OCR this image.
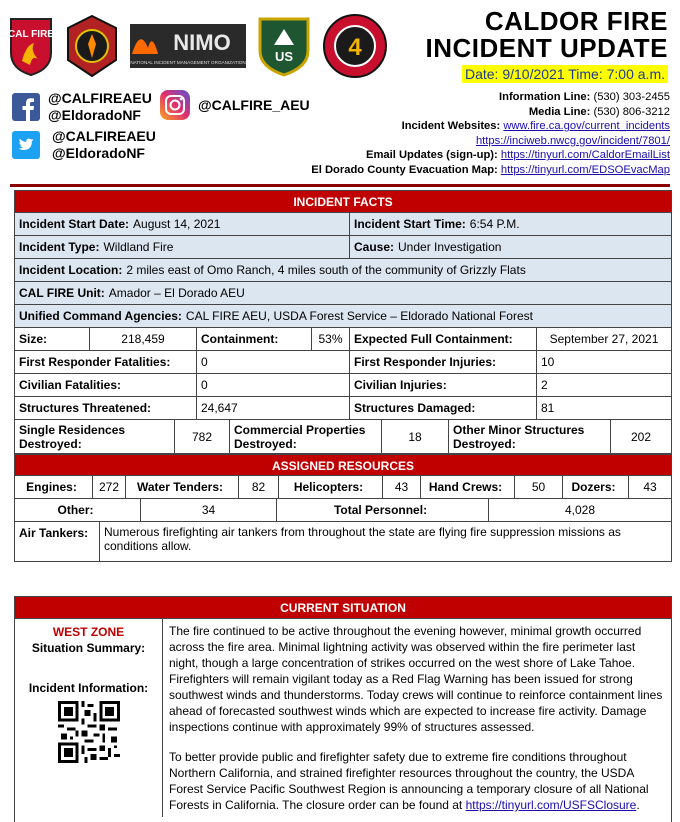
CAL FIRE	NIMO
NATIONAL INCIDENT MANAGEMENT ORGANIZATION US 4
CALDOR FIRE
INCIDENT UPDATE
Date: 9/10/2021 Time: 7:00 a.m.
@CALFIREAEU
@EldoradoNF
@CALFIRE_AEU
@CALFIREAEU
@EldoradoNF
Information Line: (530) 303-2455
Media Line: (530) 806-3212
Incident Websites: www.fire.ca.gov/current_incidents
https://inciweb.nwcg.gov/incident/7801/
Email Updates (sign-up): https://tinyurl.com/CaldorEmailList
El Dorado County Evacuation Map: https://tinyurl.com/EDSOEvacMap
INCIDENT FACTS
Incident Start Date: August 14, 2021	Incident Start Time: 6:54 P.M.
Incident Type: Wildland Fire	Cause: Under Investigation
Incident Location: 2 miles east of Omo Ranch, 4 miles south of the community of Grizzly Flats
CAL FIRE Unit: Amador – El Dorado AEU
Unified Command Agencies: CAL FIRE AEU, USDA Forest Service – Eldorado National Forest
Size:	218,459	Containment:	53% Expected Full Containment:	September 27, 2021
First Responder Fatalities:	0	First Responder Injuries:	10
Civilian Fatalities:	0	Civilian Injuries:	2
Structures Threatened:	24,647	Structures Damaged:	81
Single Residences Destroyed:	782	Commercial Properties Destroyed:	18	Other Minor Structures Destroyed:	202
ASSIGNED RESOURCES
Engines:	272	Water Tenders:	82	Helicopters:	43	Hand Crews:	50	Dozers:	43
Other:	34	Total Personnel:	4,028
Air Tankers:	Numerous firefighting air tankers from throughout the state are flying fire suppression missions as conditions allow.
CURRENT SITUATION
WEST ZONE
Situation Summary:
Incident Information:

The fire continued to be active throughout the evening however, minimal growth occurred across the fire area. Minimal lightning activity was observed within the fire perimeter last night, though a large concentration of strikes occurred on the west shore of Lake Tahoe. Firefighters will remain vigilant today as a Red Flag Warning has been issued for strong southwest winds and thunderstorms. Today crews will continue to reinforce containment lines ahead of forecasted southwest winds which are expected to increase fire activity. Damage inspections continue with approximately 99% of structures assessed.

To better provide public and firefighter safety due to extreme fire conditions throughout Northern California, and strained firefighter resources throughout the country, the USDA Forest Service Pacific Southwest Region is announcing a temporary closure of all National Forests in California. The closure order can be found at https://tinyurl.com/USFSClosure.
